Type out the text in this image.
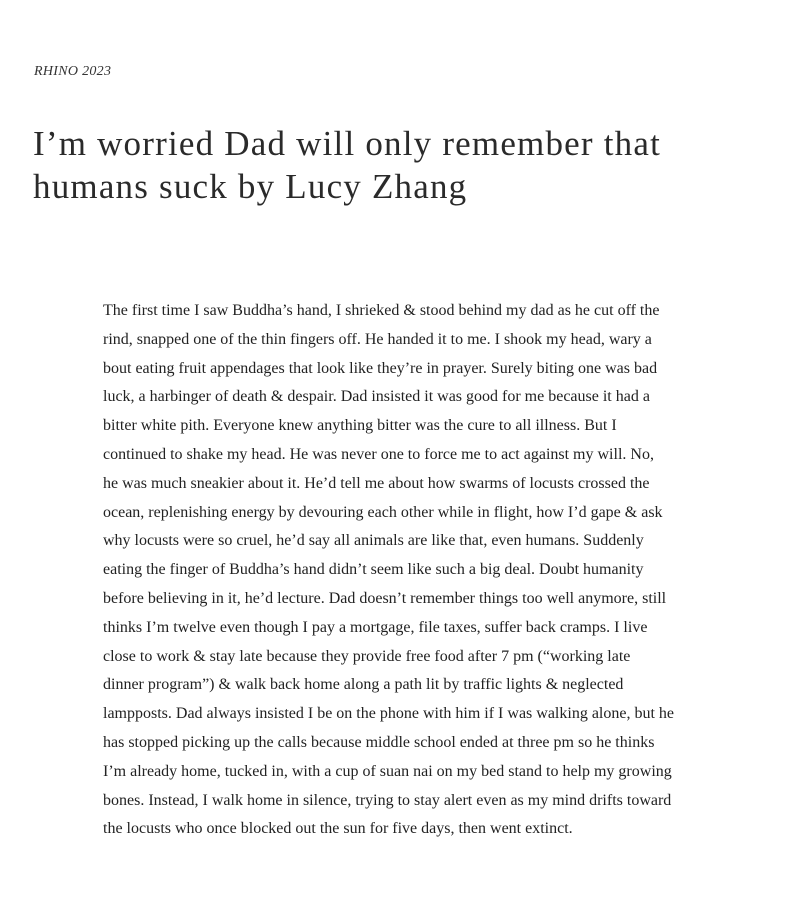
RHINO 2023
I’m worried Dad will only remember that
humans suck by Lucy Zhang
The first time I saw Buddha’s hand, I shrieked & stood behind my dad as he cut off the
rind, snapped one of the thin fingers off. He handed it to me. I shook my head, wary a
bout eating fruit appendages that look like they’re in prayer. Surely biting one was bad
luck, a harbinger of death & despair. Dad insisted it was good for me because it had a
bitter white pith. Everyone knew anything bitter was the cure to all illness. But I
continued to shake my head. He was never one to force me to act against my will. No,
he was much sneakier about it. He’d tell me about how swarms of locusts crossed the
ocean, replenishing energy by devouring each other while in flight, how I’d gape & ask
why locusts were so cruel, he’d say all animals are like that, even humans. Suddenly
eating the finger of Buddha’s hand didn’t seem like such a big deal. Doubt humanity
before believing in it, he’d lecture. Dad doesn’t remember things too well anymore, still
thinks I’m twelve even though I pay a mortgage, file taxes, suffer back cramps. I live
close to work & stay late because they provide free food after 7 pm (“working late
dinner program”) & walk back home along a path lit by traffic lights & neglected
lampposts. Dad always insisted I be on the phone with him if I was walking alone, but he
has stopped picking up the calls because middle school ended at three pm so he thinks
I’m already home, tucked in, with a cup of suan nai on my bed stand to help my growing
bones. Instead, I walk home in silence, trying to stay alert even as my mind drifts toward
the locusts who once blocked out the sun for five days, then went extinct.
